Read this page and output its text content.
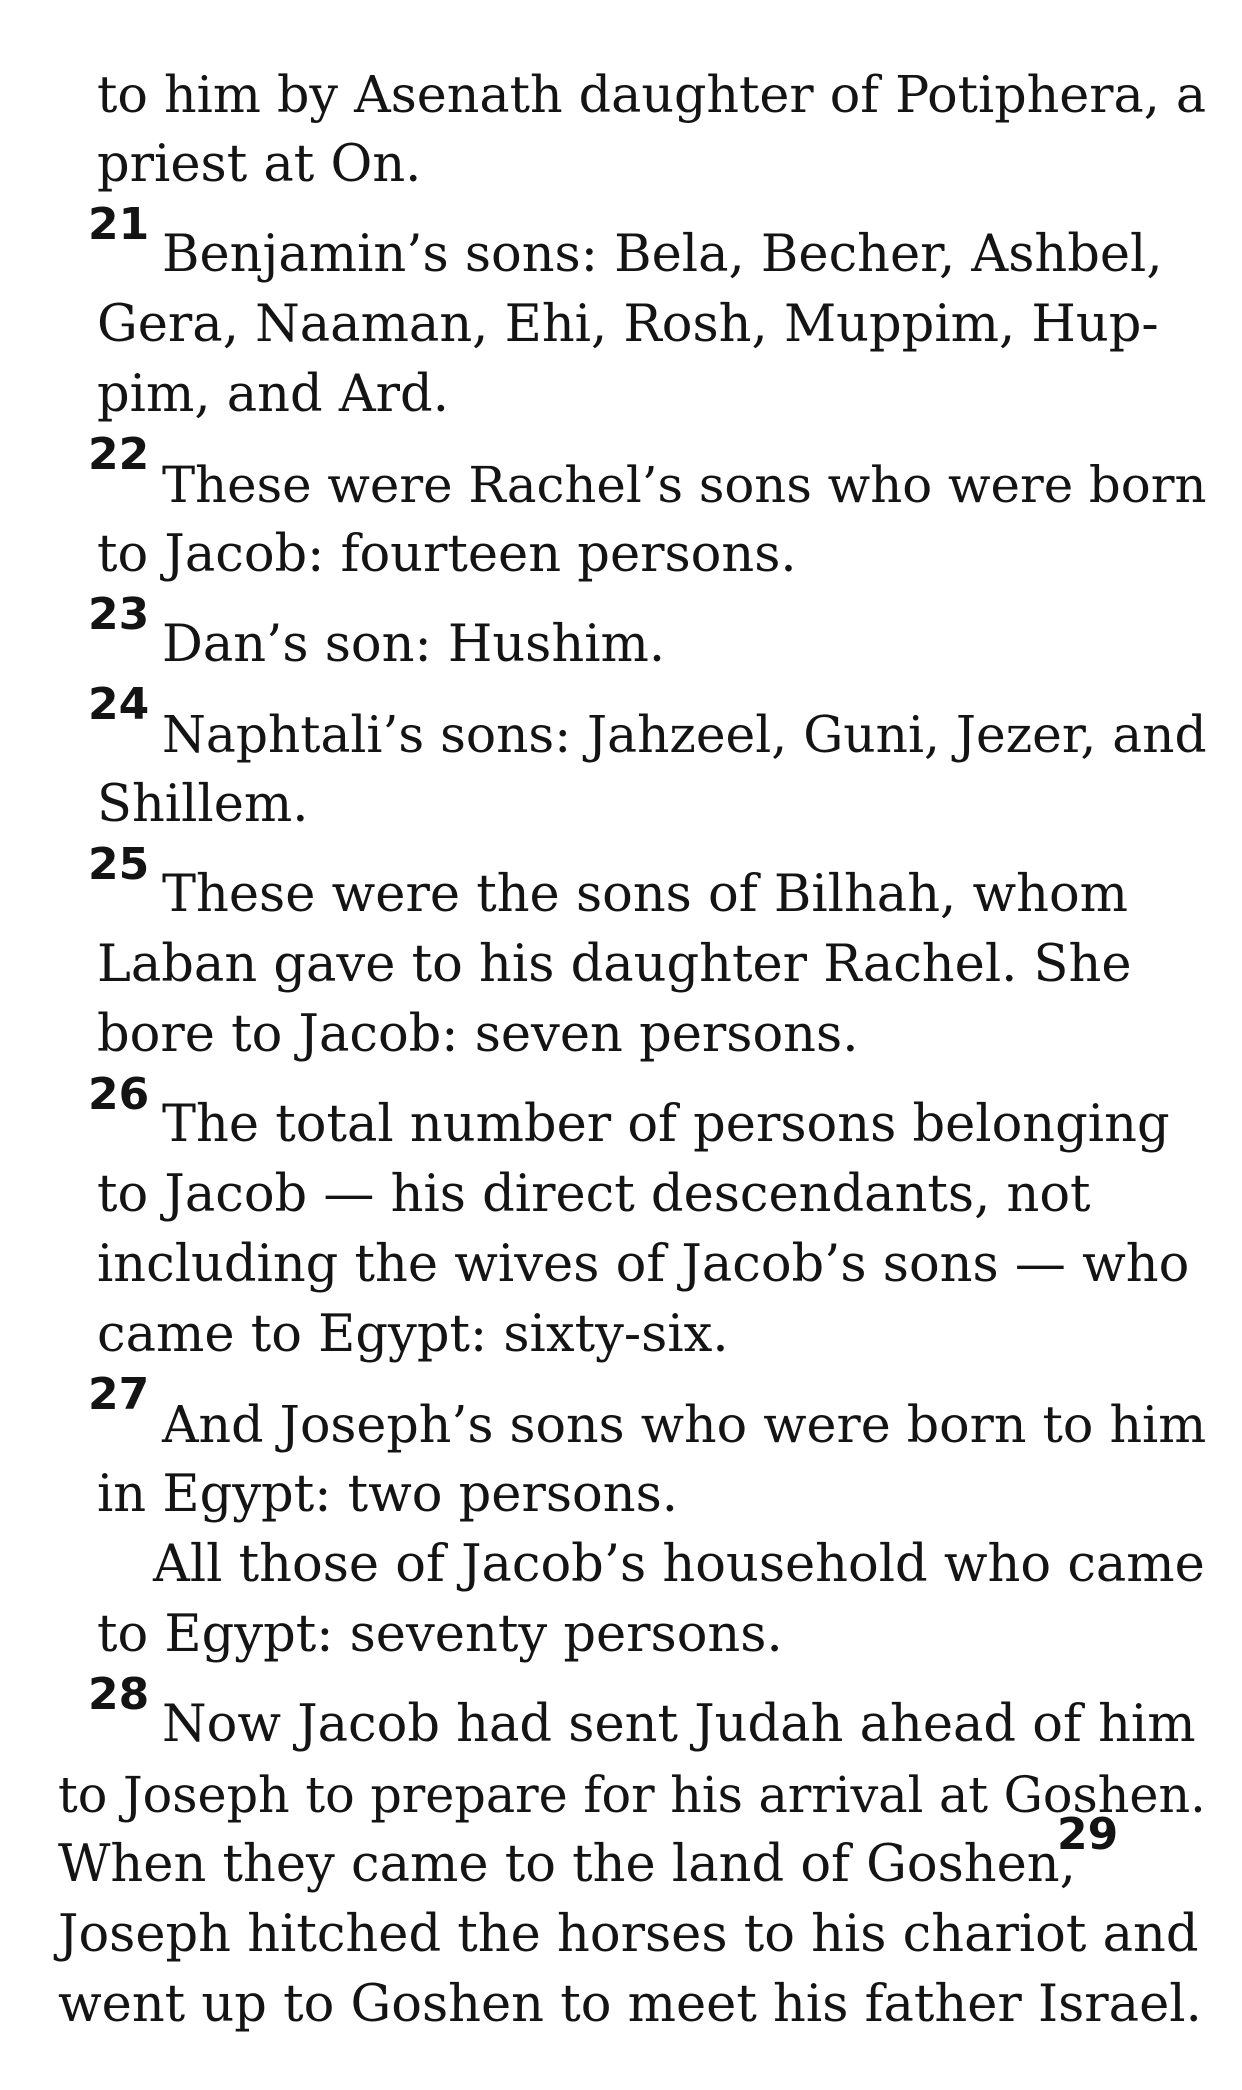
to him by Asenath daughter of Potiphera, a
priest at On.
21
Benjamin’s sons: Bela, Becher, Ashbel,
Gera, Naaman, Ehi, Rosh, Muppim, Hup-
pim, and Ard.
22
These were Rachel’s sons who were born
to Jacob: fourteen persons.
23
Dan’s son: Hushim.
24
Naphtali’s sons: Jahzeel, Guni, Jezer, and
Shillem.
25
These were the sons of Bilhah, whom
Laban gave to his daughter Rachel. She
bore to Jacob: seven persons.
26
The total number of persons belonging
to Jacob — his direct descendants, not
including the wives of Jacob’s sons — who
came to Egypt: sixty-six.
27
And Joseph’s sons who were born to him
in Egypt: two persons.
All those of Jacob’s household who came
to Egypt: seventy persons.
28
Now Jacob had sent Judah ahead of him
to Joseph to prepare for his arrival at Goshen.
When they came to the land of Goshen,
29
Joseph hitched the horses to his chariot and
went up to Goshen to meet his father Israel.
